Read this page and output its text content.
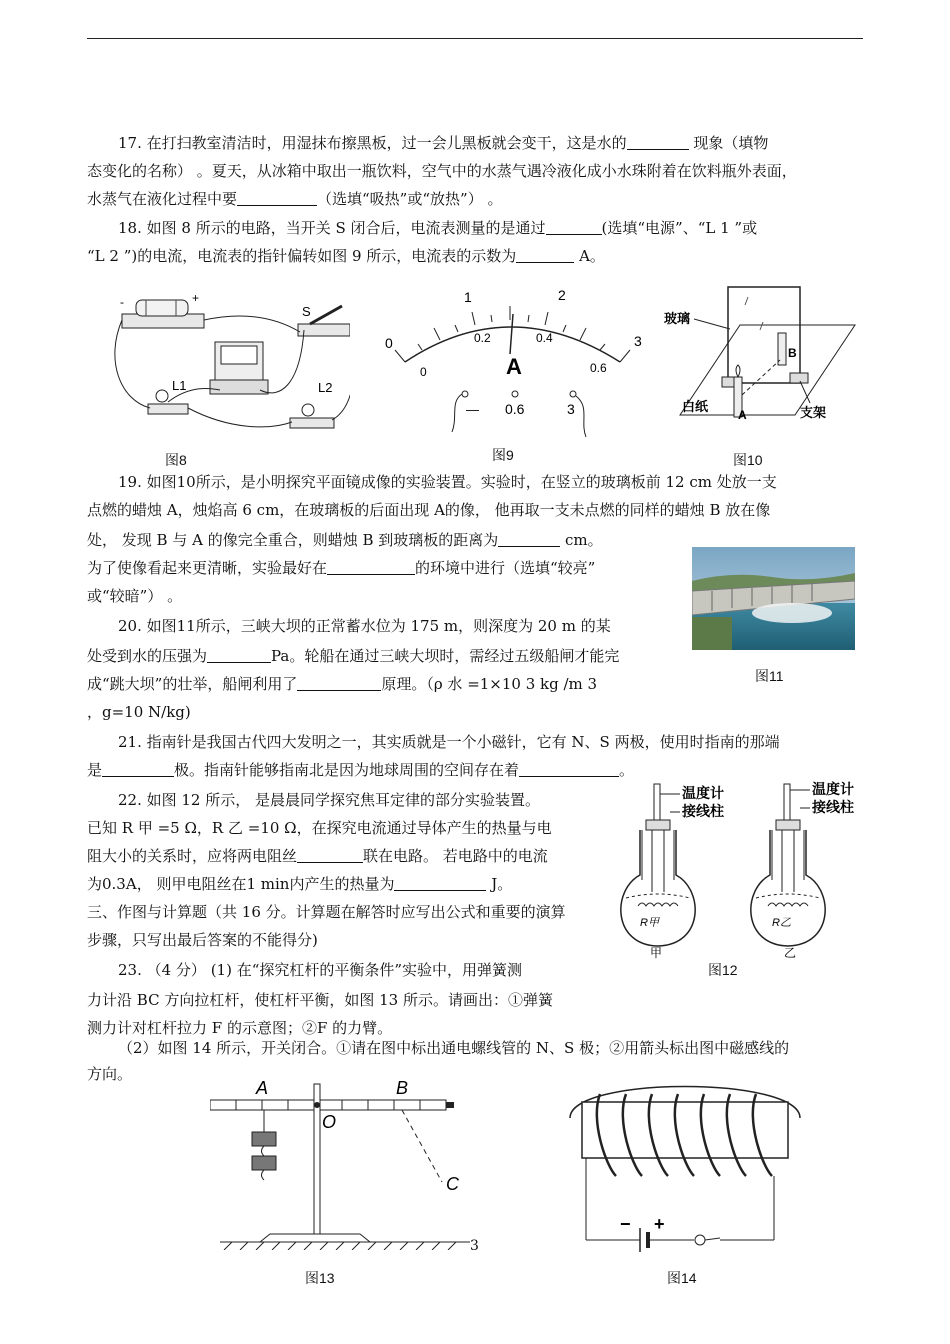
17. 在打扫教室清洁时，用湿抹布擦黑板，过一会儿黑板就会变干，这是水的	现象（填物
态变化的名称） 。夏天，从冰箱中取出一瓶饮料，空气中的水蒸气遇冷液化成小水珠附着在饮料瓶外表面，
水蒸气在液化过程中要	（选填“吸热”或“放热”） 。
18. 如图 8 所示的电路，当开关 S 闭合后，电流表测量的是通过	(选填“电源”、“L 1 ”或
“L 2 ”)的电流，电流表的指针偏转如图 9 所示，电流表的示数为	A。
-	+
S
L1	L2
图8
0
1	2
3
0
0.2	0.4
0.6
A
— 0.6	3
图9
玻璃
白纸	支架
A
B
图10
19. 如图10所示，是小明探究平面镜成像的实验装置。实验时，在竖立的玻璃板前 12 cm 处放一支
点燃的蜡烛 A，烛焰高 6 cm，在玻璃板的后面出现 A的像， 他再取一支未点燃的同样的蜡烛 B 放在像
处， 发现 B 与 A 的像完全重合，则蜡烛 B 到玻璃板的距离为	cm。
为了使像看起来更清晰，实验最好在	的环境中进行（选填“较亮”
或“较暗”） 。
图11
20. 如图11所示，三峡大坝的正常蓄水位为 175 m，则深度为 20 m 的某
处受到水的压强为	Pa。轮船在通过三峡大坝时，需经过五级船闸才能完
成“跳大坝”的壮举，船闸利用了	原理。（ρ 水 =1×10 3 kg /m 3
，g=10 N/kg)
21. 指南针是我国古代四大发明之一，其实质就是一个小磁针，它有 N、S 两极，使用时指南的那端
是	极。指南针能够指南北是因为地球周围的空间存在着	。
22. 如图 12 所示， 是晨晨同学探究焦耳定律的部分实验装置。
已知 R 甲 =5 Ω，R 乙 =10 Ω，在探究电流通过导体产生的热量与电
阻大小的关系时，应将两电阻丝	联在电路。 若电路中的电流
为0.3A， 则甲电阻丝在1 min内产生的热量为	J。
三、作图与计算题（共 16 分。计算题在解答时应写出公式和重要的演算
步骤，只写出最后答案的不能得分)
R甲
温度计
接线柱
甲
R乙
温度计
接线柱
乙
图12
23. （4 分） (1) 在“探究杠杆的平衡条件”实验中，用弹簧测
力计沿 BC 方向拉杠杆，使杠杆平衡，如图 13 所示。请画出：①弹簧
测力计对杠杆拉力 F 的示意图；②F 的力臂。
（2）如图 14 所示，开关闭合。①请在图中标出通电螺线管的 N、S 极；②用箭头标出图中磁感线的
方向。
A	B
O
C
图13
− +
图14
3
